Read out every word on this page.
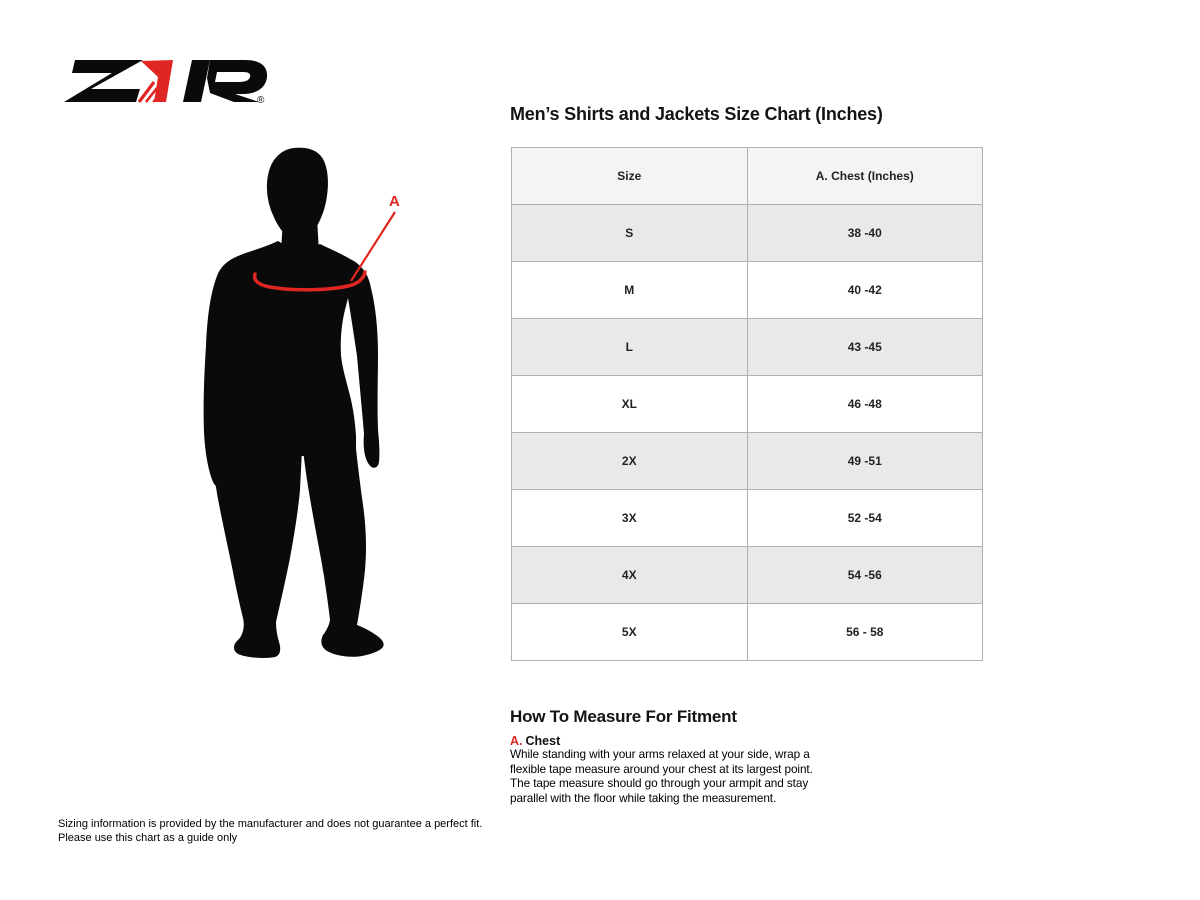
®
A
Men’s Shirts and Jackets Size Chart (Inches)
Size	A. Chest (Inches)
S	38 -40
M	40 -42
L	43 -45
XL	46 -48
2X	49 -51
3X	52 -54
4X	54 -56
5X	56 - 58
How To Measure For Fitment
A. Chest

While standing with your arms relaxed at your side, wrap a flexible tape measure around your chest at its largest point. The tape measure should go through your armpit and stay parallel with the floor while taking the measurement.

Sizing information is provided by the manufacturer and does not guarantee a perfect fit.
Please use this chart as a guide only
